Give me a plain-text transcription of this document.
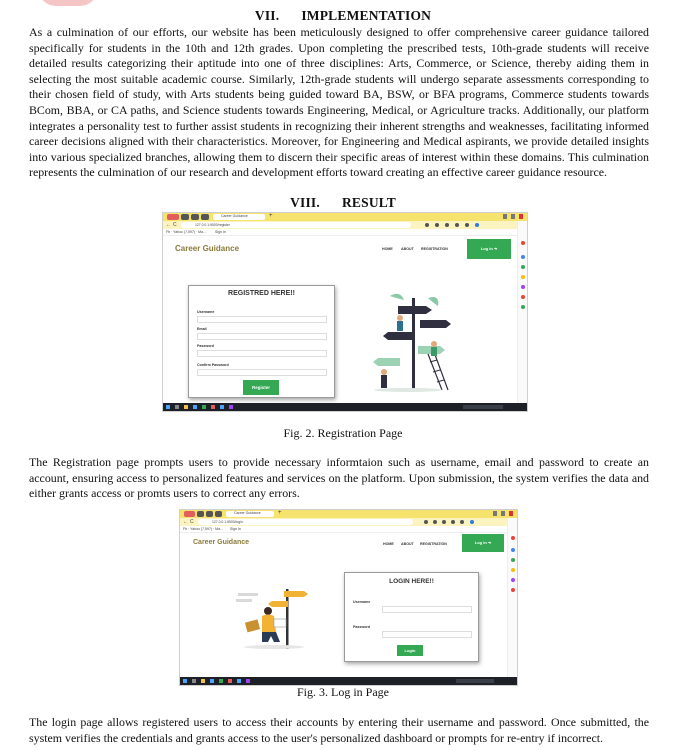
VII. IMPLEMENTATION
As a culmination of our efforts, our website has been meticulously designed to offer comprehensive career guidance tailored specifically for students in the 10th and 12th grades. Upon completing the prescribed tests, 10th-grade students will receive detailed results categorizing their aptitude into one of three disciplines: Arts, Commerce, or Science, thereby aiding them in selecting the most suitable academic course. Similarly, 12th-grade students will undergo separate assessments corresponding to their chosen field of study, with Arts students being guided toward BA, BSW, or BFA programs, Commerce students towards BCom, BBA, or CA paths, and Science students towards Engineering, Medical, or Agriculture tracks. Additionally, our platform integrates a personality test to further assist students in recognizing their inherent strengths and weaknesses, facilitating informed career decisions aligned with their characteristics. Moreover, for Engineering and Medical aspirants, we provide detailed insights into various specialized branches, allowing them to discern their specific areas of interest within these domains. This culmination represents the culmination of our research and development efforts toward creating an effective career guidance resource.
VIII. RESULT
Career Guidance	+
← C	127.0.0.1:5500/register
Fb · Yahoo (7,597) · Ma...	Sign In
Career Guidance	HOME ABOUT REGISTRATION	Log In ➔
REGISTRED HERE!!
Username
Email
Password
Confirm Password
Register
Fig. 2. Registration Page
The Registration page prompts users to provide necessary informtaion such as username, email and password to create an account, ensuring access to personalized features and services on the platform. Upon submission, the system verifies the data and either grants access or promts users to correct any errors.
Career Guidance	+
← C	127.0.0.1:5500/login
Fb · Yahoo (7,597) · Ma... Sign In
Career Guidance	HOME ABOUT REGISTRATION	Log In ➔
LOGIN HERE!!
Username
Password
Login
Fig. 3. Log in Page
The login page allows registered users to access their accounts by entering their username and password. Once submitted, the system verifies the credentials and grants access to the user's personalized dashboard or prompts for re-entry if incorrect.
